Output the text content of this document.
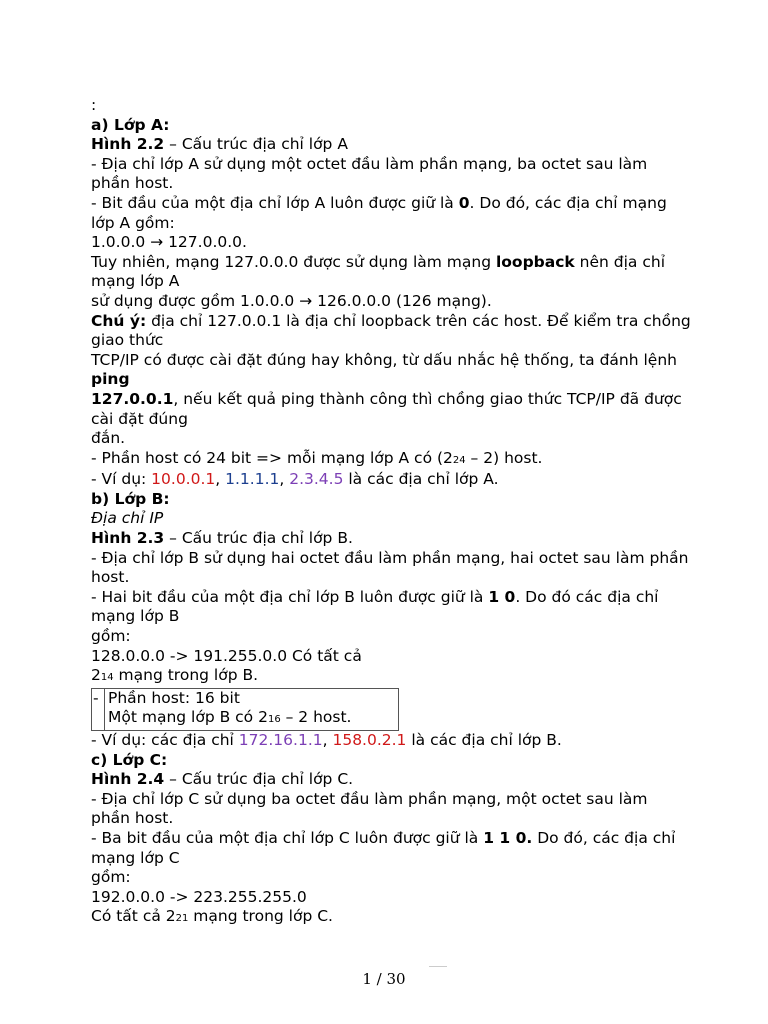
:
a) Lớp A:
Hình 2.2 – Cấu trúc địa chỉ lớp A
- Địa chỉ lớp A sử dụng một octet đầu làm phần mạng, ba octet sau làm phần host.
- Bit đầu của một địa chỉ lớp A luôn được giữ là 0. Do đó, các địa chỉ mạng lớp A gồm:
1.0.0.0 → 127.0.0.0.
Tuy nhiên, mạng 127.0.0.0 được sử dụng làm mạng loopback nên địa chỉ mạng lớp A
sử dụng được gồm 1.0.0.0 → 126.0.0.0 (126 mạng).
Chú ý: địa chỉ 127.0.0.1 là địa chỉ loopback trên các host. Để kiểm tra chồng giao thức
TCP/IP có được cài đặt đúng hay không, từ dấu nhắc hệ thống, ta đánh lệnh ping
127.0.0.1, nếu kết quả ping thành công thì chồng giao thức TCP/IP đã được cài đặt đúng
đắn.
- Phần host có 24 bit => mỗi mạng lớp A có (224 – 2) host.
- Ví dụ: 10.0.0.1, 1.1.1.1, 2.3.4.5 là các địa chỉ lớp A.
b) Lớp B:
Địa chỉ IP
Hình 2.3 – Cấu trúc địa chỉ lớp B.
- Địa chỉ lớp B sử dụng hai octet đầu làm phần mạng, hai octet sau làm phần host.
- Hai bit đầu của một địa chỉ lớp B luôn được giữ là 1 0. Do đó các địa chỉ mạng lớp B
gồm:
128.0.0.0 -> 191.255.0.0 Có tất cả
214 mạng trong lớp B.
- Phần host: 16 bit
Một mạng lớp B có 216 – 2 host.
- Ví dụ: các địa chỉ 172.16.1.1, 158.0.2.1 là các địa chỉ lớp B.
c) Lớp C:
Hình 2.4 – Cấu trúc địa chỉ lớp C.
- Địa chỉ lớp C sử dụng ba octet đầu làm phần mạng, một octet sau làm phần host.
- Ba bit đầu của một địa chỉ lớp C luôn được giữ là 1 1 0. Do đó, các địa chỉ mạng lớp C
gồm:
192.0.0.0 -> 223.255.255.0
Có tất cả 221 mạng trong lớp C.
1 / 30
